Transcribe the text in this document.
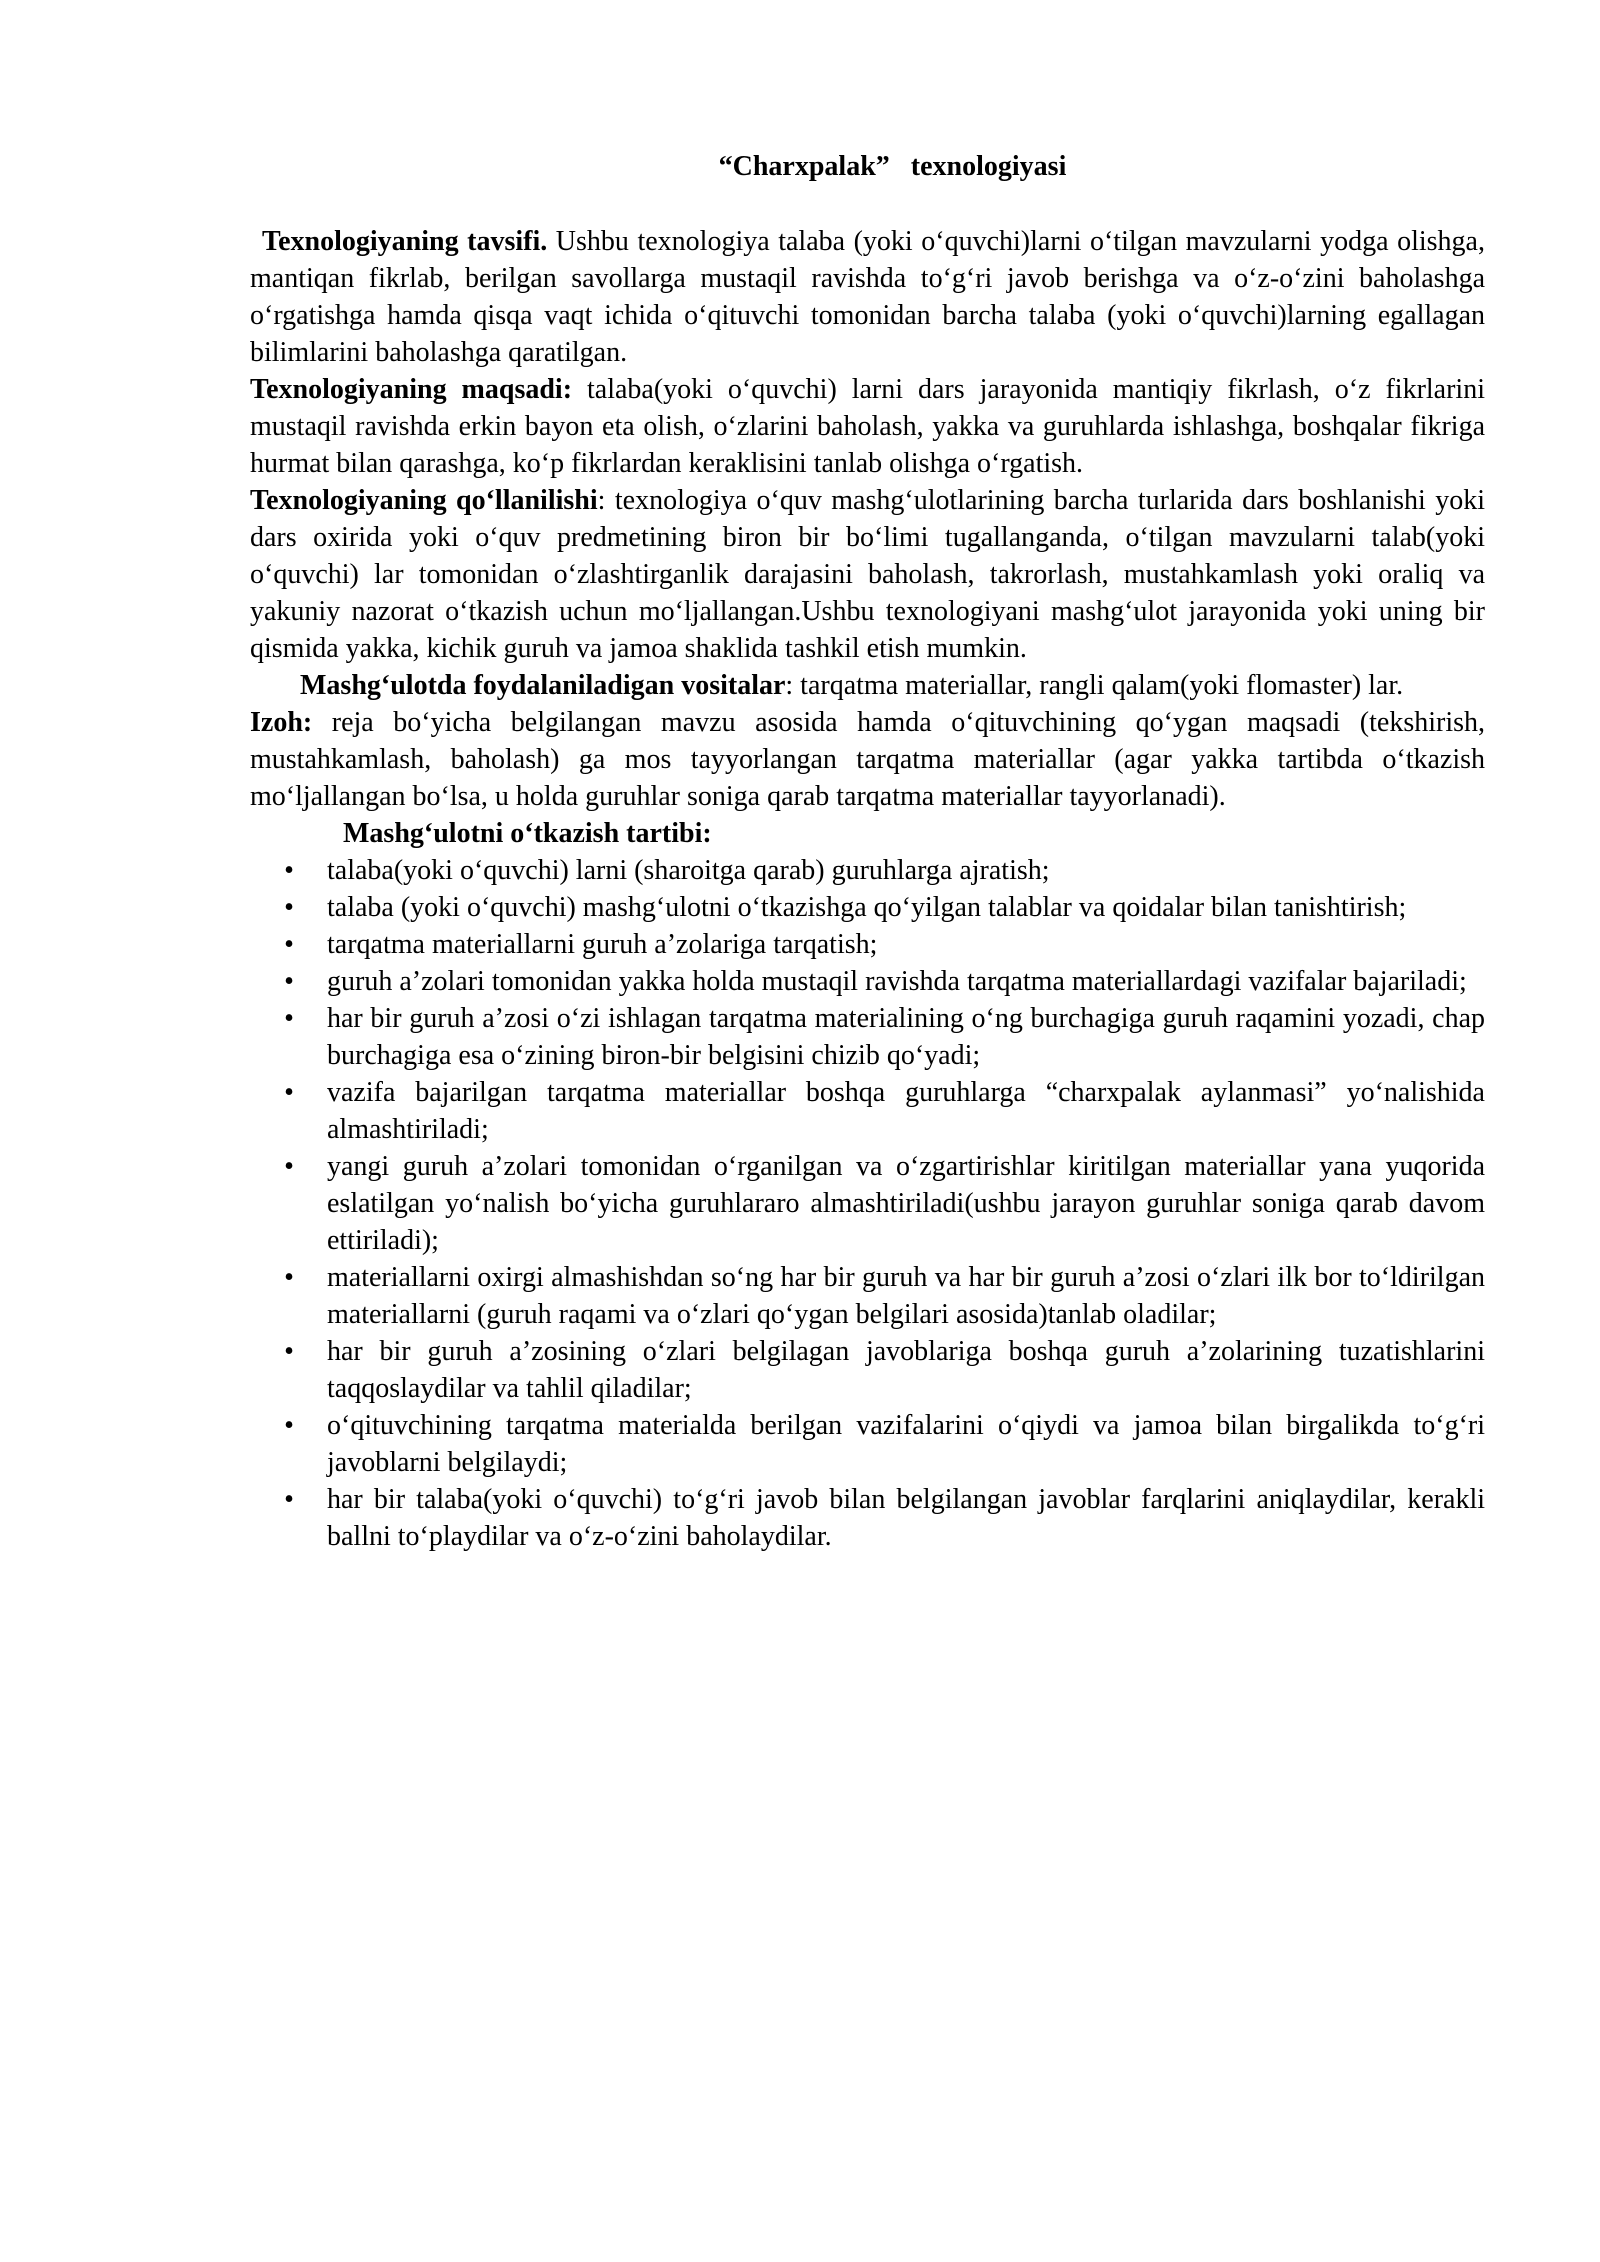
“Charxpalak”   texnologiyasi

Texnologiyaning tavsifi. Ushbu texnologiya talaba (yoki o‘quvchi)larni o‘tilgan mavzularni yodga olishga, mantiqan fikrlab, berilgan savollarga mustaqil ravishda to‘g‘ri javob berishga va o‘z-o‘zini baholashga o‘rgatishga hamda qisqa vaqt ichida o‘qituvchi tomonidan barcha talaba (yoki o‘quvchi)larning egallagan bilimlarini baholashga qaratilgan.

Texnologiyaning maqsadi: talaba(yoki o‘quvchi) larni dars jarayonida mantiqiy fikrlash, o‘z fikrlarini mustaqil ravishda erkin bayon eta olish, o‘zlarini baholash, yakka va guruhlarda ishlashga, boshqalar fikriga hurmat bilan qarashga, ko‘p fikrlardan keraklisini tanlab olishga o‘rgatish.

Texnologiyaning qo‘llanilishi: texnologiya o‘quv mashg‘ulotlarining barcha turlarida dars boshlanishi yoki dars oxirida yoki o‘quv predmetining biron bir bo‘limi tugallanganda, o‘tilgan mavzularni talab(yoki o‘quvchi) lar tomonidan o‘zlashtirganlik darajasini baholash, takrorlash, mustahkamlash yoki oraliq va yakuniy nazorat o‘tkazish uchun mo‘ljallangan.Ushbu texnologiyani mashg‘ulot jarayonida yoki uning bir qismida yakka, kichik guruh va jamoa shaklida tashkil etish mumkin.

Mashg‘ulotda foydalaniladigan vositalar: tarqatma materiallar, rangli qalam(yoki flomaster) lar.

Izoh: reja bo‘yicha belgilangan mavzu asosida hamda o‘qituvchining qo‘ygan maqsadi (tekshirish, mustahkamlash, baholash) ga mos tayyorlangan tarqatma materiallar (agar yakka tartibda o‘tkazish mo‘ljallangan bo‘lsa, u holda guruhlar soniga qarab tarqatma materiallar tayyorlanadi).

Mashg‘ulotni o‘tkazish tartibi:
• talaba(yoki o‘quvchi) larni (sharoitga qarab) guruhlarga ajratish;
• talaba (yoki o‘quvchi) mashg‘ulotni o‘tkazishga qo‘yilgan talablar va qoidalar bilan tanishtirish;
• tarqatma materiallarni guruh a’zolariga tarqatish;
• guruh a’zolari tomonidan yakka holda mustaqil ravishda tarqatma materiallardagi vazifalar bajariladi;
• har bir guruh a’zosi o‘zi ishlagan tarqatma materialining o‘ng burchagiga guruh raqamini yozadi, chap burchagiga esa o‘zining biron-bir belgisini chizib qo‘yadi;
• vazifa bajarilgan tarqatma materiallar boshqa guruhlarga “charxpalak aylanmasi” yo‘nalishida almashtiriladi;
• yangi guruh a’zolari tomonidan o‘rganilgan va o‘zgartirishlar kiritilgan materiallar yana yuqorida eslatilgan yo‘nalish bo‘yicha guruhlararo almashtiriladi(ushbu jarayon guruhlar soniga qarab davom ettiriladi);
• materiallarni oxirgi almashishdan so‘ng har bir guruh va har bir guruh a’zosi o‘zlari ilk bor to‘ldirilgan materiallarni (guruh raqami va o‘zlari qo‘ygan belgilari asosida)tanlab oladilar;
• har bir guruh a’zosining o‘zlari belgilagan javoblariga boshqa guruh a’zolarining tuzatishlarini taqqoslaydilar va tahlil qiladilar;
• o‘qituvchining tarqatma materialda berilgan vazifalarini o‘qiydi va jamoa bilan birgalikda to‘g‘ri javoblarni belgilaydi;
• har bir talaba(yoki o‘quvchi) to‘g‘ri javob bilan belgilangan javoblar farqlarini aniqlaydilar, kerakli ballni to‘playdilar va o‘z-o‘zini baholaydilar.
